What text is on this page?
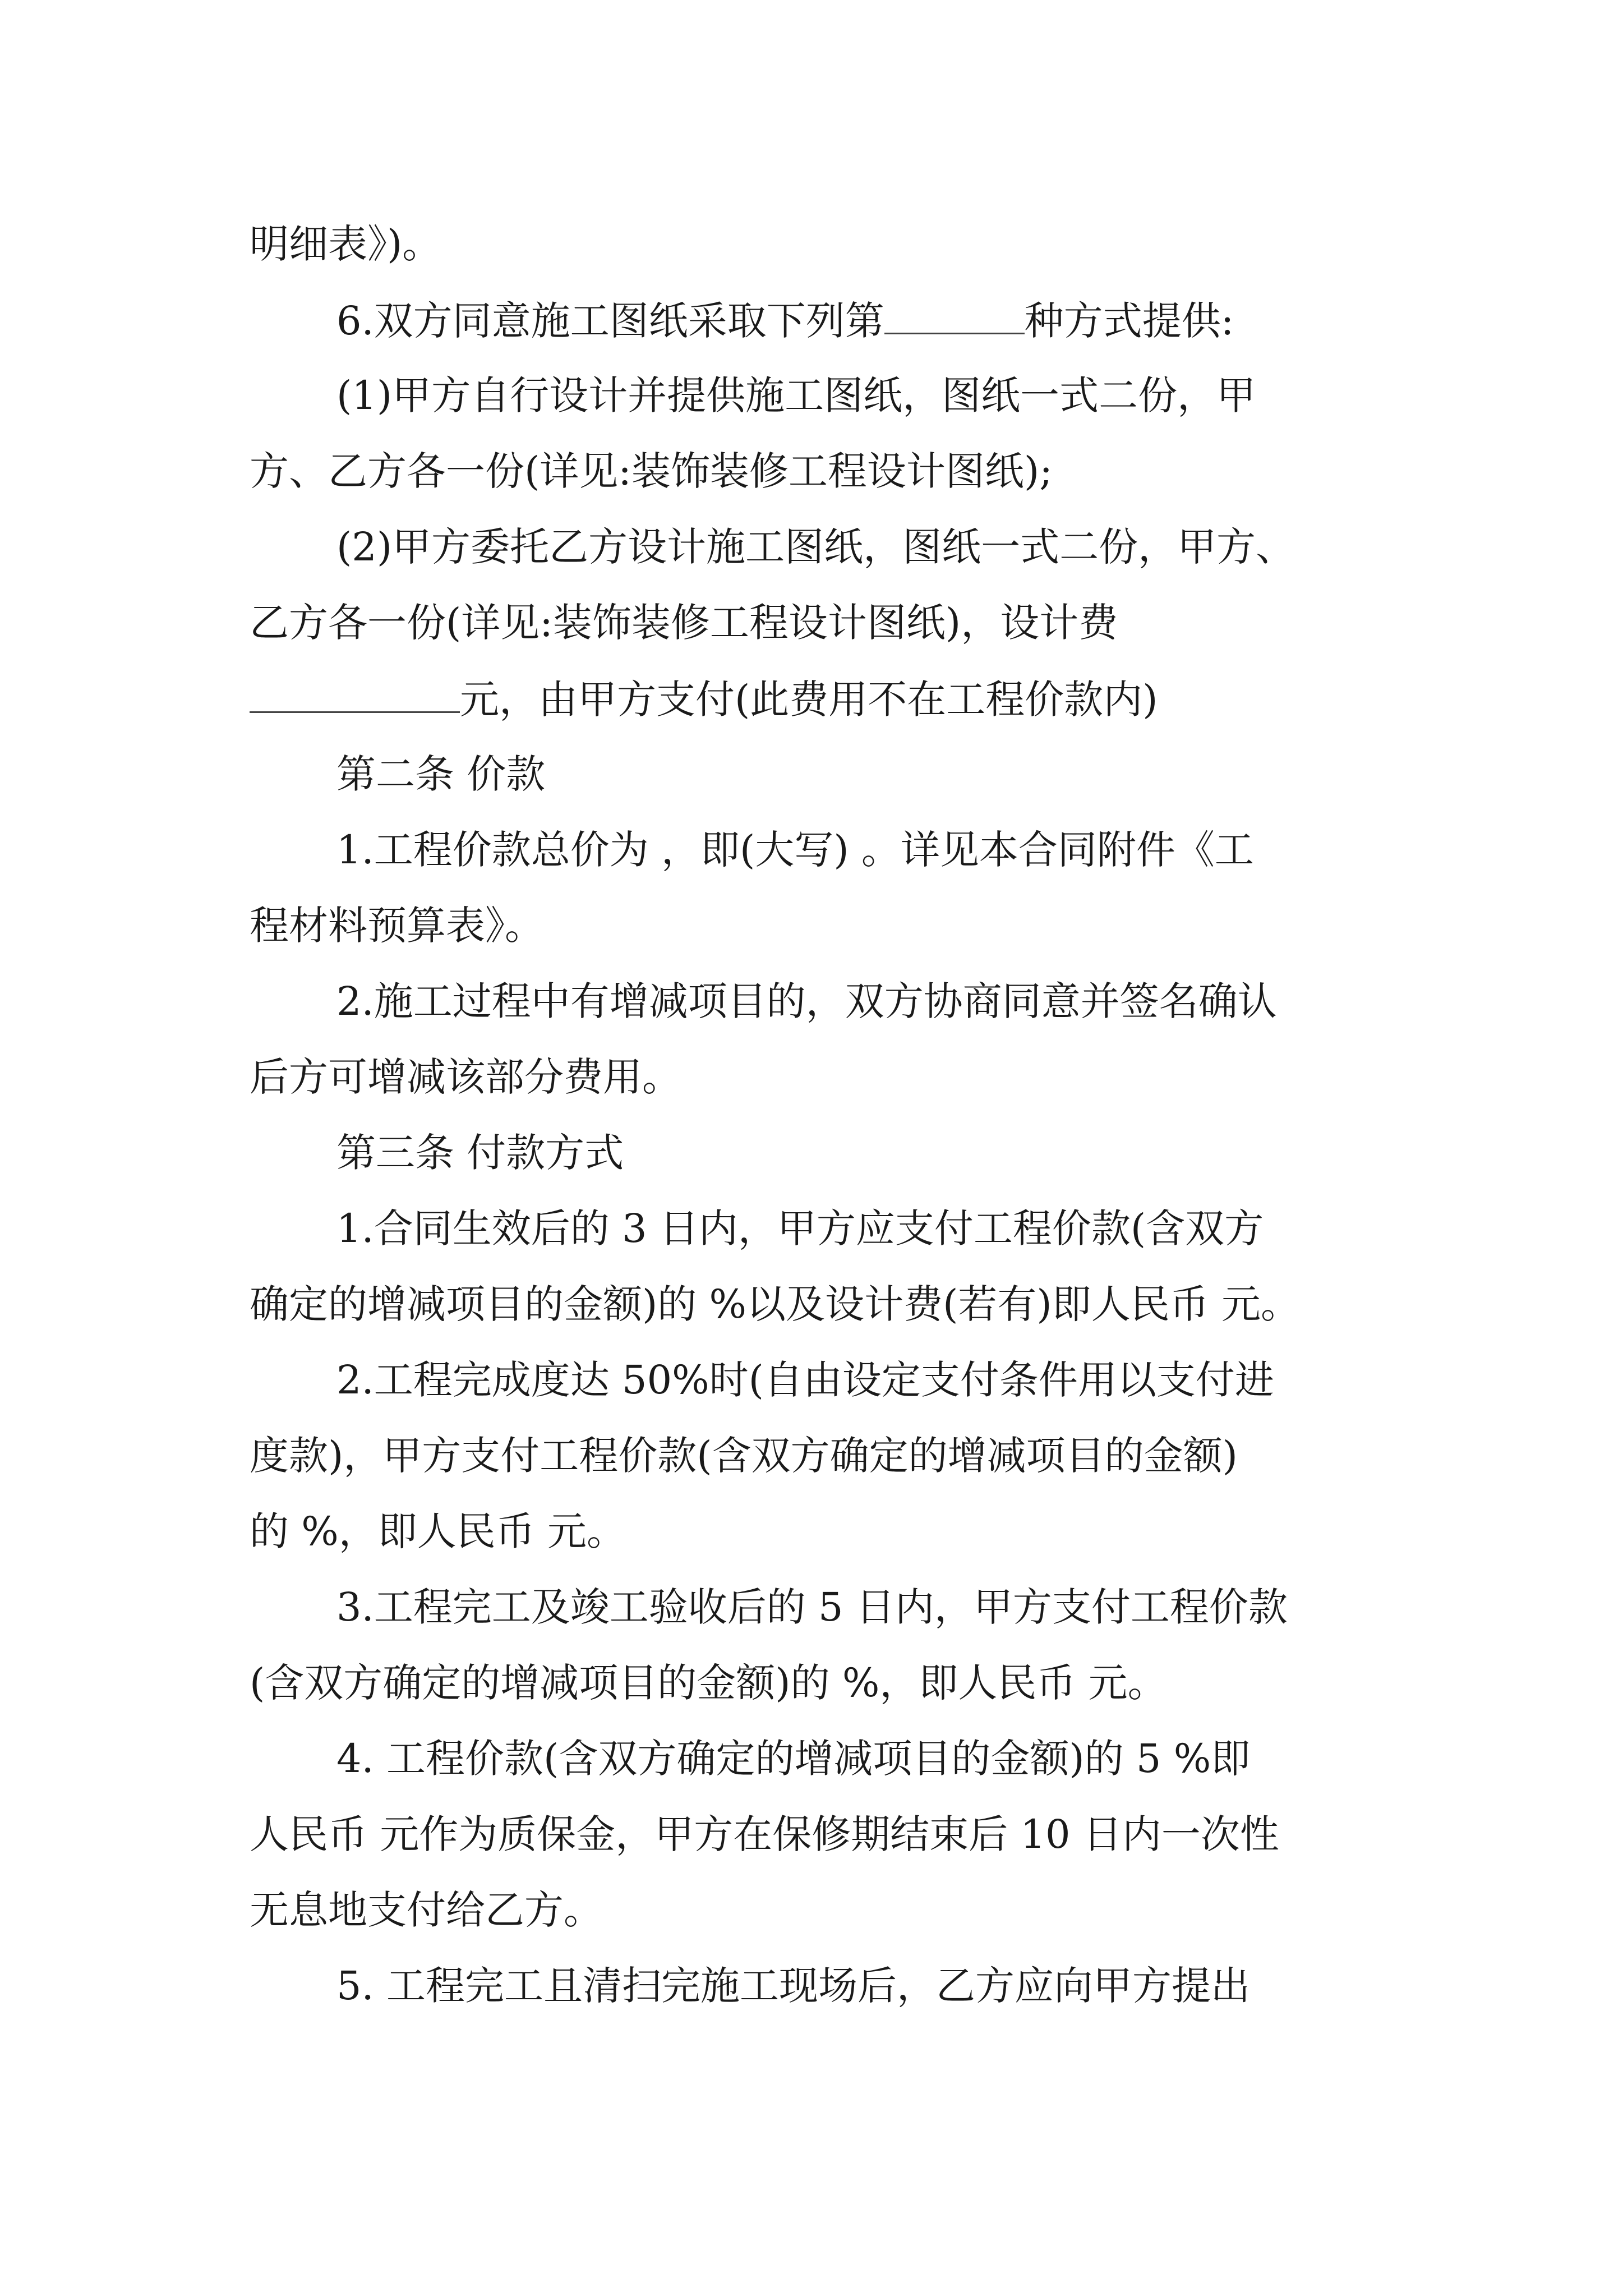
明细表》)。
6.双方同意施工图纸采取下列第	种方式提供:
(1)甲方自行设计并提供施工图纸，图纸一式二份，甲
方、乙方各一份(详见:装饰装修工程设计图纸);
(2)甲方委托乙方设计施工图纸，图纸一式二份，甲方、
乙方各一份(详见:装饰装修工程设计图纸)，设计费
元，由甲方支付(此费用不在工程价款内)
第二条 价款
1.工程价款总价为 ，即(大写) 。详见本合同附件《工
程材料预算表》。
2.施工过程中有增减项目的，双方协商同意并签名确认
后方可增减该部分费用。
第三条 付款方式
1.合同生效后的 3 日内，甲方应支付工程价款(含双方
确定的增减项目的金额)的 %以及设计费(若有)即人民币 元。
2.工程完成度达 50%时(自由设定支付条件用以支付进
度款)，甲方支付工程价款(含双方确定的增减项目的金额)
的 %，即人民币 元。
3.工程完工及竣工验收后的 5 日内，甲方支付工程价款
(含双方确定的增减项目的金额)的 %，即人民币 元。
4. 工程价款(含双方确定的增减项目的金额)的 5 %即
人民币 元作为质保金，甲方在保修期结束后 10 日内一次性
无息地支付给乙方。
5. 工程完工且清扫完施工现场后，乙方应向甲方提出
